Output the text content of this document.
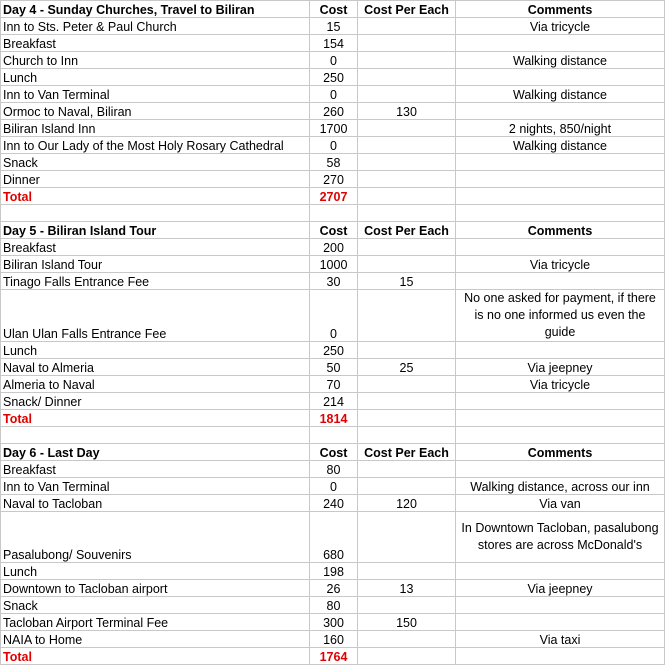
Day 4 - Sunday Churches, Travel to Biliran	Cost	Cost Per Each	Comments
Inn to Sts. Peter & Paul Church	15		Via tricycle
Breakfast	154		
Church to Inn	0		Walking distance
Lunch	250		
Inn to Van Terminal	0		Walking distance
Ormoc to Naval, Biliran	260	130	
Biliran Island Inn	1700		2 nights, 850/night
Inn to Our Lady of the Most Holy Rosary Cathedral	0		Walking distance
Snack	58		
Dinner	270		
Total	2707		

Day 5 - Biliran Island Tour	Cost	Cost Per Each	Comments
Breakfast	200		
Biliran Island Tour	1000		Via tricycle
Tinago Falls Entrance Fee	30	15	
Ulan Ulan Falls Entrance Fee	0		No one asked for payment, if there is no one informed us even the guide
Lunch	250		
Naval to Almeria	50	25	Via jeepney
Almeria to Naval	70		Via tricycle
Snack/ Dinner	214		
Total	1814		

Day 6 - Last Day	Cost	Cost Per Each	Comments
Breakfast	80		
Inn to Van Terminal	0		Walking distance, across our inn
Naval to Tacloban	240	120	Via van
Pasalubong/ Souvenirs	680		In Downtown Tacloban, pasalubong stores are across McDonald's
Lunch	198		
Downtown to Tacloban airport	26	13	Via jeepney
Snack	80		
Tacloban Airport Terminal Fee	300	150	
NAIA to Home	160		Via taxi
Total	1764		
